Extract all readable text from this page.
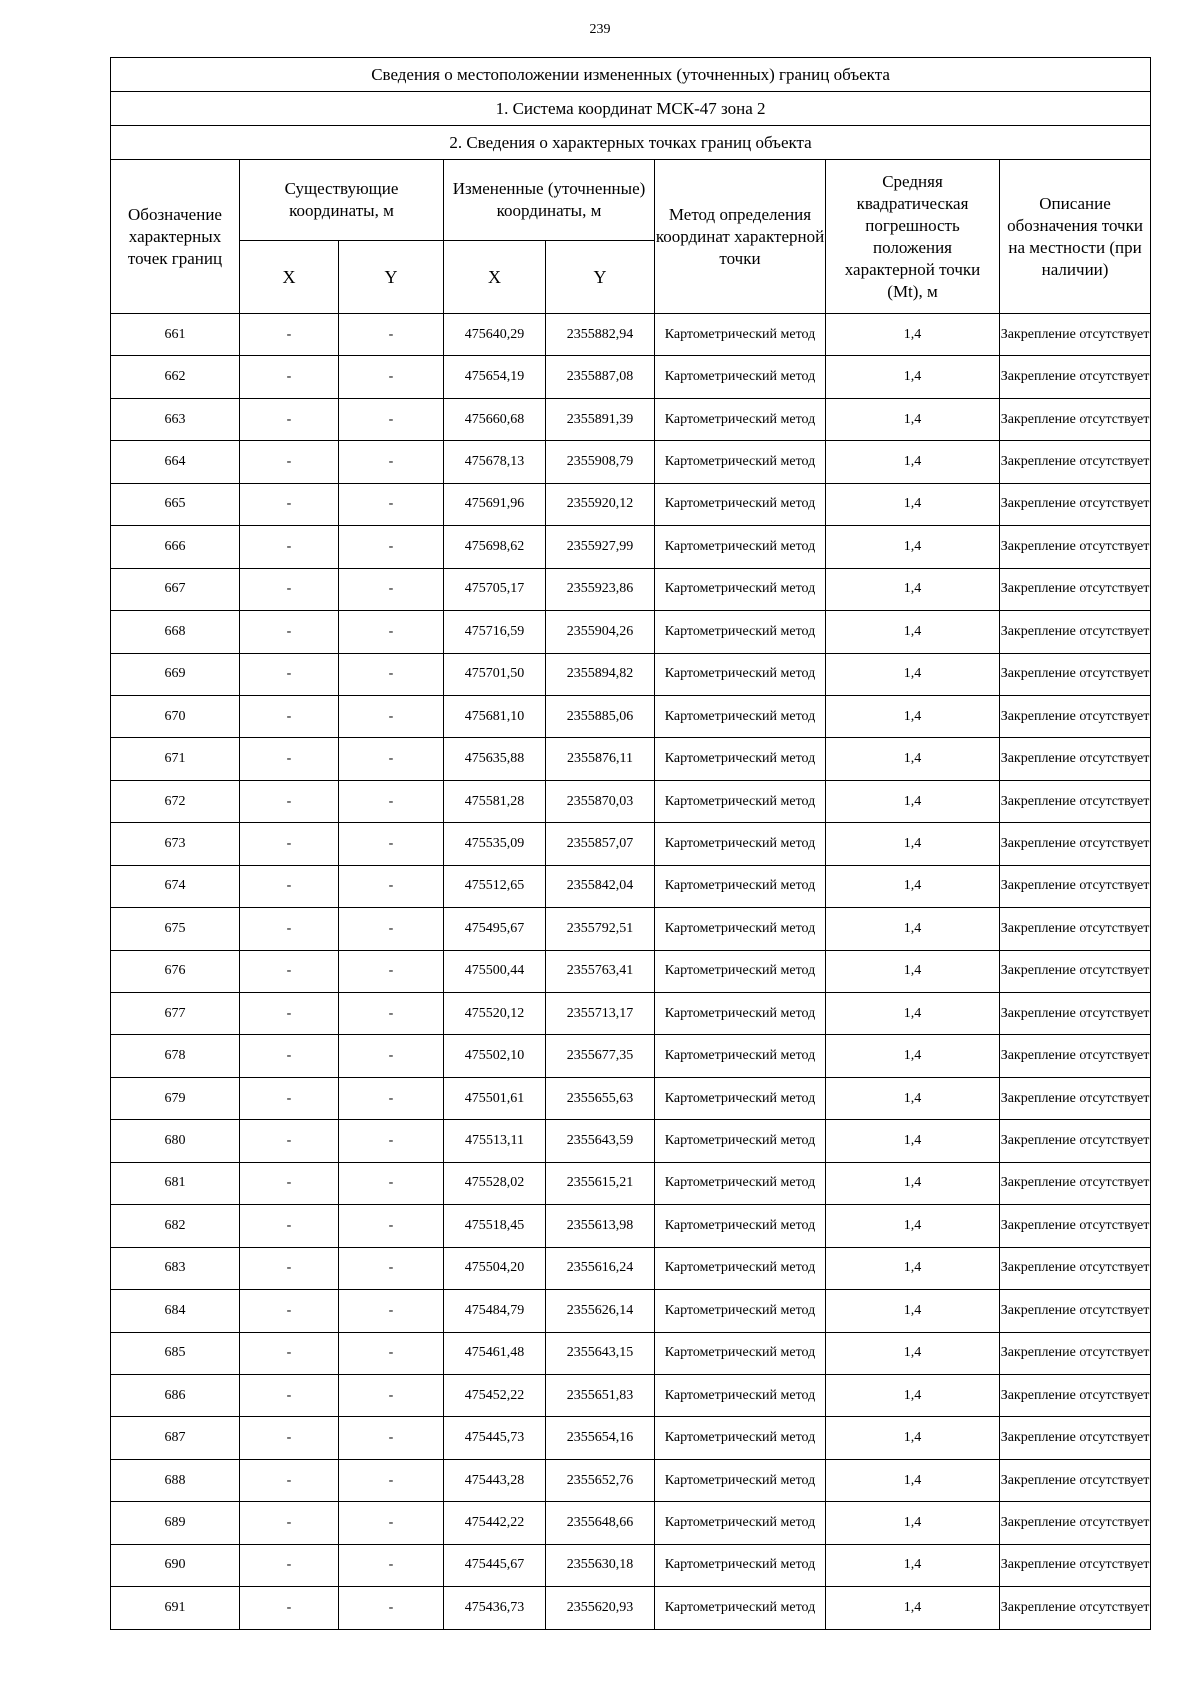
239
Сведения о местоположении измененных (уточненных) границ объекта							
1. Система координат МСК-47 зона 2							
2. Сведения о характерных точках границ объекта							
Обозначение характерных точек границ	Существующие координаты, м		Измененные (уточненные) координаты, м		Метод определения координат характерной точки	Средняя квадратическая погрешность положения характерной точки (Mt), м	Описание обозначения точки на местности (при наличии)
	X	Y	X	Y			
661	-	-	475640,29	2355882,94	Картометрический метод	1,4	Закрепление отсутствует
662	-	-	475654,19	2355887,08	Картометрический метод	1,4	Закрепление отсутствует
663	-	-	475660,68	2355891,39	Картометрический метод	1,4	Закрепление отсутствует
664	-	-	475678,13	2355908,79	Картометрический метод	1,4	Закрепление отсутствует
665	-	-	475691,96	2355920,12	Картометрический метод	1,4	Закрепление отсутствует
666	-	-	475698,62	2355927,99	Картометрический метод	1,4	Закрепление отсутствует
667	-	-	475705,17	2355923,86	Картометрический метод	1,4	Закрепление отсутствует
668	-	-	475716,59	2355904,26	Картометрический метод	1,4	Закрепление отсутствует
669	-	-	475701,50	2355894,82	Картометрический метод	1,4	Закрепление отсутствует
670	-	-	475681,10	2355885,06	Картометрический метод	1,4	Закрепление отсутствует
671	-	-	475635,88	2355876,11	Картометрический метод	1,4	Закрепление отсутствует
672	-	-	475581,28	2355870,03	Картометрический метод	1,4	Закрепление отсутствует
673	-	-	475535,09	2355857,07	Картометрический метод	1,4	Закрепление отсутствует
674	-	-	475512,65	2355842,04	Картометрический метод	1,4	Закрепление отсутствует
675	-	-	475495,67	2355792,51	Картометрический метод	1,4	Закрепление отсутствует
676	-	-	475500,44	2355763,41	Картометрический метод	1,4	Закрепление отсутствует
677	-	-	475520,12	2355713,17	Картометрический метод	1,4	Закрепление отсутствует
678	-	-	475502,10	2355677,35	Картометрический метод	1,4	Закрепление отсутствует
679	-	-	475501,61	2355655,63	Картометрический метод	1,4	Закрепление отсутствует
680	-	-	475513,11	2355643,59	Картометрический метод	1,4	Закрепление отсутствует
681	-	-	475528,02	2355615,21	Картометрический метод	1,4	Закрепление отсутствует
682	-	-	475518,45	2355613,98	Картометрический метод	1,4	Закрепление отсутствует
683	-	-	475504,20	2355616,24	Картометрический метод	1,4	Закрепление отсутствует
684	-	-	475484,79	2355626,14	Картометрический метод	1,4	Закрепление отсутствует
685	-	-	475461,48	2355643,15	Картометрический метод	1,4	Закрепление отсутствует
686	-	-	475452,22	2355651,83	Картометрический метод	1,4	Закрепление отсутствует
687	-	-	475445,73	2355654,16	Картометрический метод	1,4	Закрепление отсутствует
688	-	-	475443,28	2355652,76	Картометрический метод	1,4	Закрепление отсутствует
689	-	-	475442,22	2355648,66	Картометрический метод	1,4	Закрепление отсутствует
690	-	-	475445,67	2355630,18	Картометрический метод	1,4	Закрепление отсутствует
691	-	-	475436,73	2355620,93	Картометрический метод	1,4	Закрепление отсутствует
